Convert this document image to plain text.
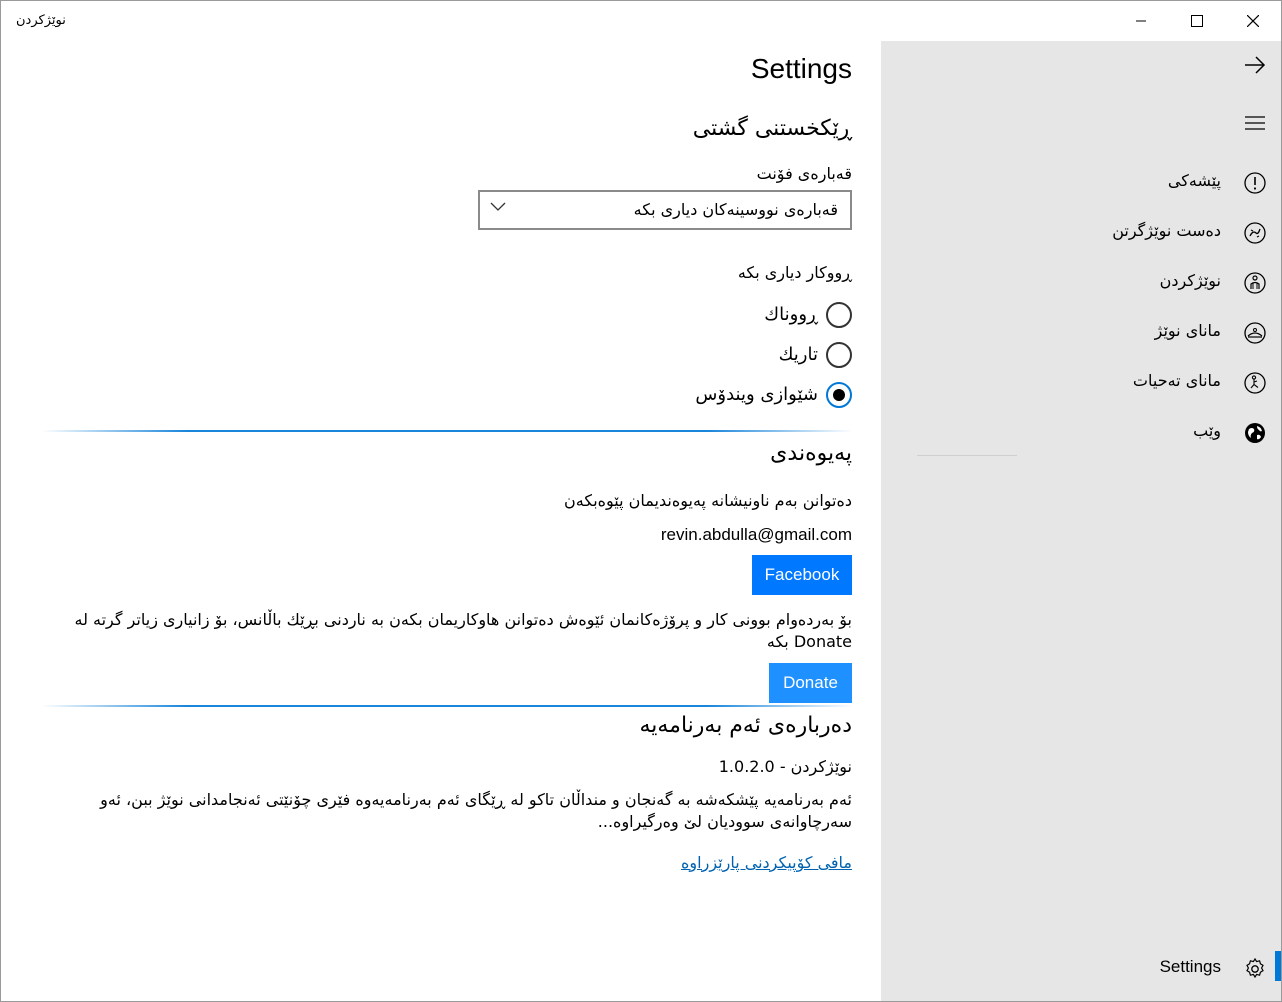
نوێژکردن
Settings
ڕێکخستنی گشتی
قەبارەی فۆنت
قەبارەی نووسینەکان دیاری بکە
ڕووکار دیاری بکە
ڕووناك
تاریك
شێوازی ویندۆس
پەیوەندی
دەتوانن بەم ناونیشانە پەیوەندیمان پێوەبکەن
revin.abdulla@gmail.com
Facebook
بۆ بەردەوام بوونی کار و پرۆژەکانمان ئێوەش دەتوانن هاوکاریمان بکەن بە ناردنی بڕێك باڵانس، بۆ زانیاری زیاتر گرتە لە Donate بکە
Donate
دەربارەی ئەم بەرنامەیە
نوێژکردن - 1.0.2.0
ئەم بەرنامەیە پێشکەشە بە گەنجان و منداڵان تاکو لە ڕێگای ئەم بەرنامەیەوە فێری چۆنێتی ئەنجامدانی نوێژ ببن، ئەو سەرچاوانەی سوودیان لێ وەرگیراوە...
مافی کۆپیکردنی پارێزراوە
پێشەکی
دەست نوێژگرتن
نوێژکردن
مانای نوێژ
مانای تەحیات
وێب
Settings
